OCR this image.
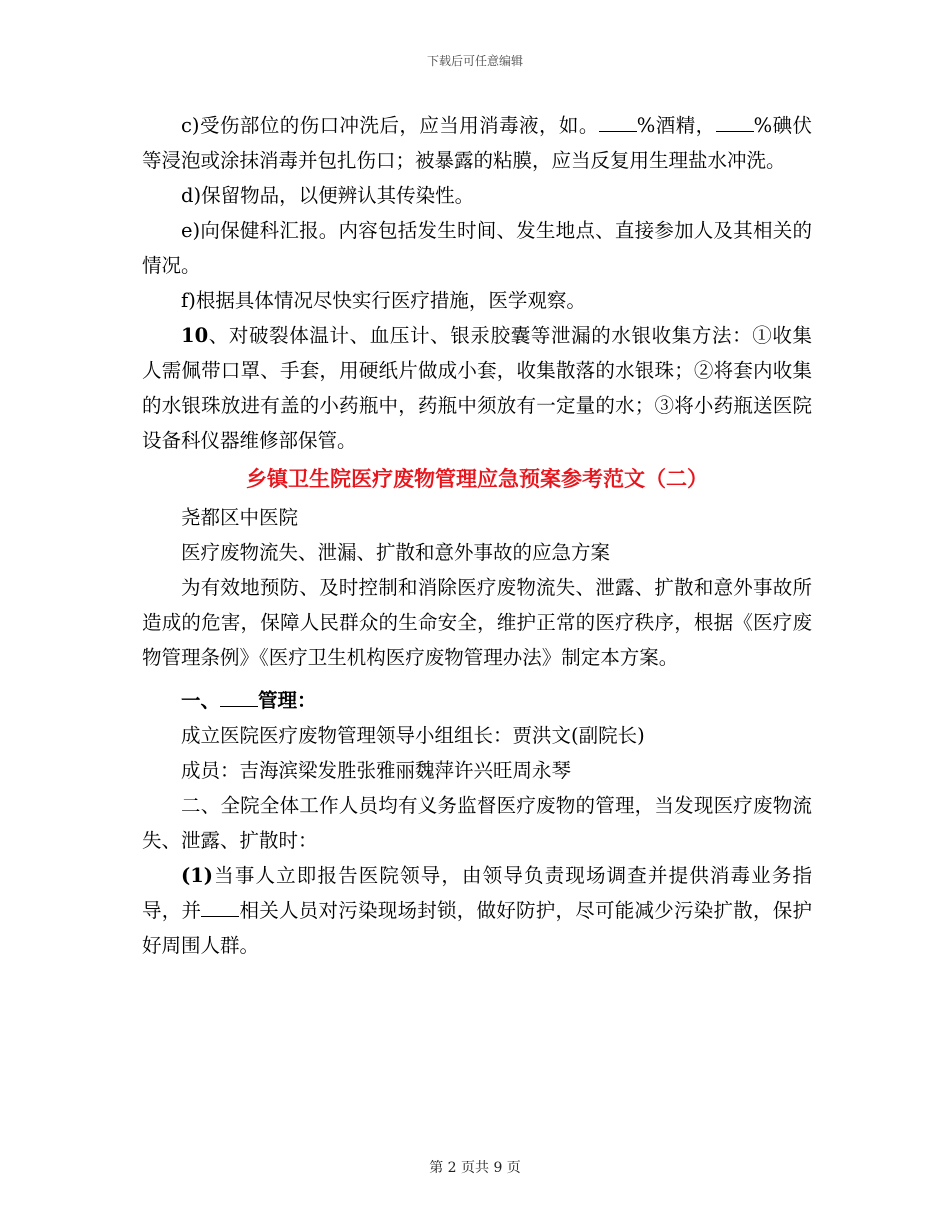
下载后可任意编辑

c)受伤部位的伤口冲洗后，应当用消毒液，如。 %酒精， %碘伏等浸泡或涂抹消毒并包扎伤口；被暴露的粘膜，应当反复用生理盐水冲洗。

d)保留物品，以便辨认其传染性。

e)向保健科汇报。内容包括发生时间、发生地点、直接参加人及其相关的情况。

f)根据具体情况尽快实行医疗措施，医学观察。

10、对破裂体温计、血压计、银汞胶囊等泄漏的水银收集方法：①收集人需佩带口罩、手套，用硬纸片做成小套，收集散落的水银珠；②将套内收集的水银珠放进有盖的小药瓶中，药瓶中须放有一定量的水；③将小药瓶送医院设备科仪器维修部保管。

乡镇卫生院医疗废物管理应急预案参考范文（二）

尧都区中医院

医疗废物流失、泄漏、扩散和意外事故的应急方案

为有效地预防、及时控制和消除医疗废物流失、泄露、扩散和意外事故所造成的危害，保障人民群众的生命安全，维护正常的医疗秩序，根据《医疗废物管理条例》《医疗卫生机构医疗废物管理办法》制定本方案。

一、 管理：

成立医院医疗废物管理领导小组组长：贾洪文(副院长)

成员：吉海滨梁发胜张雅丽魏萍许兴旺周永琴

二、全院全体工作人员均有义务监督医疗废物的管理，当发现医疗废物流失、泄露、扩散时：

(1)当事人立即报告医院领导，由领导负责现场调查并提供消毒业务指导，并 相关人员对污染现场封锁，做好防护，尽可能减少污染扩散，保护好周围人群。

第 2 页共 9 页
